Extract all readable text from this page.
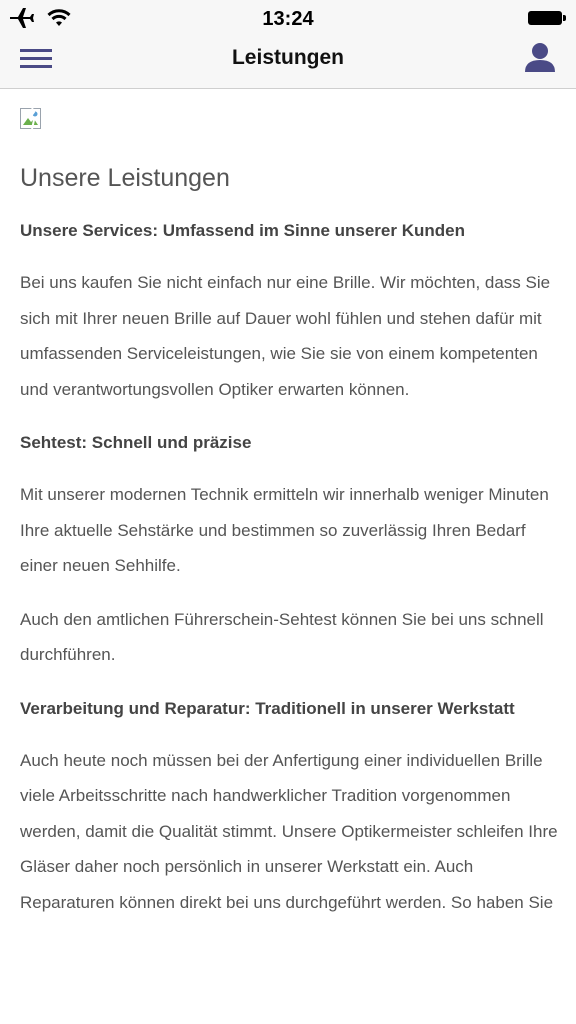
13:24
Leistungen
Unsere Leistungen
Unsere Services: Umfassend im Sinne unserer Kunden

Bei uns kaufen Sie nicht einfach nur eine Brille. Wir möchten, dass Sie sich mit Ihrer neuen Brille auf Dauer wohl fühlen und stehen dafür mit umfassenden Serviceleistungen, wie Sie sie von einem kompetenten und verantwortungsvollen Optiker erwarten können.

Sehtest: Schnell und präzise

Mit unserer modernen Technik ermitteln wir innerhalb weniger Minuten Ihre aktuelle Sehstärke und bestimmen so zuverlässig Ihren Bedarf einer neuen Sehhilfe.

Auch den amtlichen Führerschein-Sehtest können Sie bei uns schnell durchführen.

Verarbeitung und Reparatur: Traditionell in unserer Werkstatt

Auch heute noch müssen bei der Anfertigung einer individuellen Brille viele Arbeitsschritte nach handwerklicher Tradition vorgenommen werden, damit die Qualität stimmt. Unsere Optikermeister schleifen Ihre Gläser daher noch persönlich in unserer Werkstatt ein. Auch Reparaturen können direkt bei uns durchgeführt werden. So haben Sie
